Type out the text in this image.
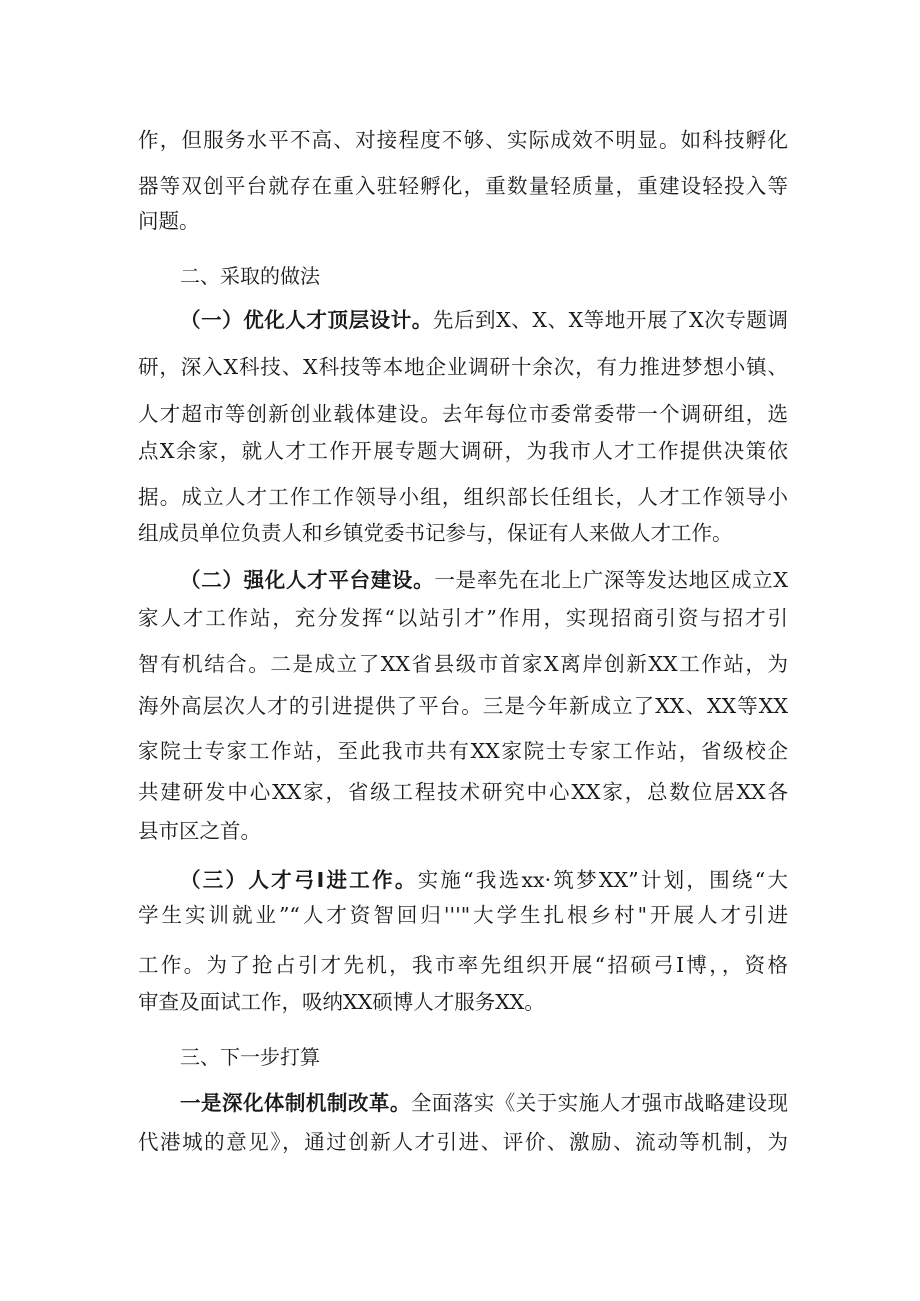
作，但服务水平不高、对接程度不够、实际成效不明显。如科技孵化
器等双创平台就存在重入驻轻孵化，重数量轻质量，重建设轻投入等
问题。
二、采取的做法
（一）优化人才顶层设计。先后到X、X、X等地开展了X次专题调
研，深入X科技、X科技等本地企业调研十余次，有力推进梦想小镇、
人才超市等创新创业载体建设。去年每位市委常委带一个调研组，选
点X余家，就人才工作开展专题大调研，为我市人才工作提供决策依
据。成立人才工作工作领导小组，组织部长任组长，人才工作领导小
组成员单位负责人和乡镇党委书记参与，保证有人来做人才工作。
（二）强化人才平台建设。一是率先在北上广深等发达地区成立X
家人才工作站，充分发挥“以站引才”作用，实现招商引资与招才引
智有机结合。二是成立了XX省县级市首家X离岸创新XX工作站，为
海外高层次人才的引进提供了平台。三是今年新成立了XX、XX等XX
家院士专家工作站，至此我市共有XX家院士专家工作站，省级校企
共建研发中心XX家，省级工程技术研究中心XX家，总数位居XX各
县市区之首。
（三）人才弓I进工作。实施“我选xx·筑梦XX”计划，围绕“大
学生实训就业”“人才资智回归'''"大学生扎根乡村"开展人才引进
工作。为了抢占引才先机，我市率先组织开展“招硕弓I博，，资格
审查及面试工作，吸纳XX硕博人才服务XX。
三、下一步打算
一是深化体制机制改革。全面落实《关于实施人才强市战略建设现
代港城的意见》，通过创新人才引进、评价、激励、流动等机制，为
